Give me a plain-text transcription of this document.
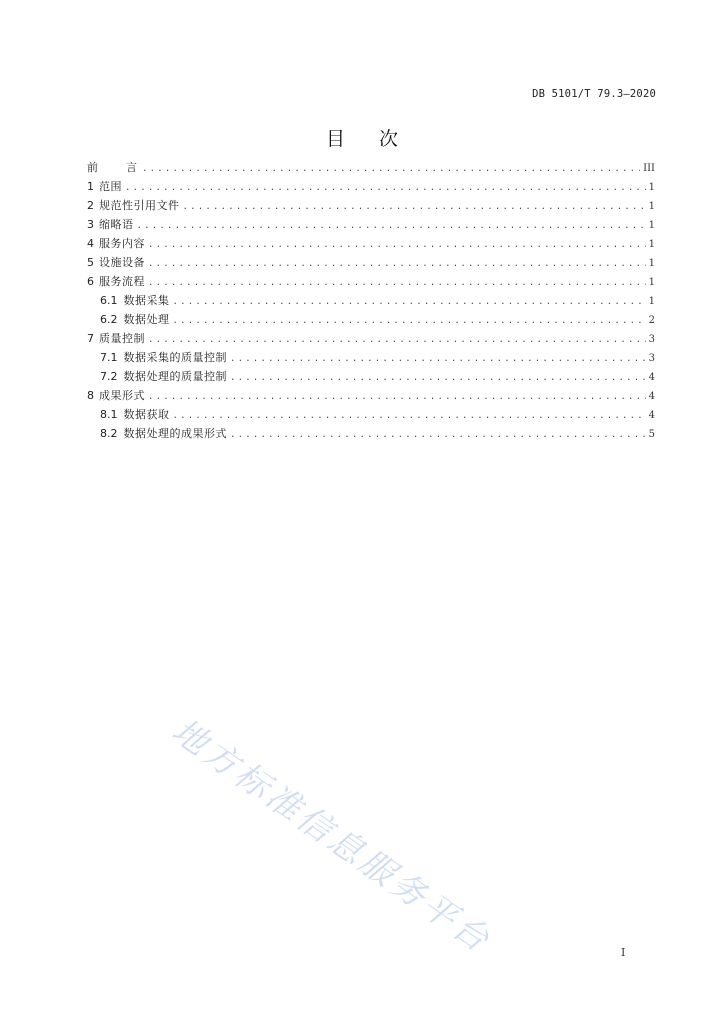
DB 5101/T 79.3—2020
目次
前	言 .....	III
1 范围 .....	1
2 规范性引用文件 .....	1
3 缩略语 .....	1
4 服务内容 .....	1
5 设施设备 .....	1
6 服务流程 .....	1
6.1 数据采集 .....	1
6.2 数据处理 .....	2
7 质量控制 .....	3
7.1 数据采集的质量控制 .....	3
7.2 数据处理的质量控制 .....	4
8 成果形式 .....	4
8.1 数据获取 .....	4
8.2 数据处理的成果形式 .....	5
地方标准信息服务平台	I
